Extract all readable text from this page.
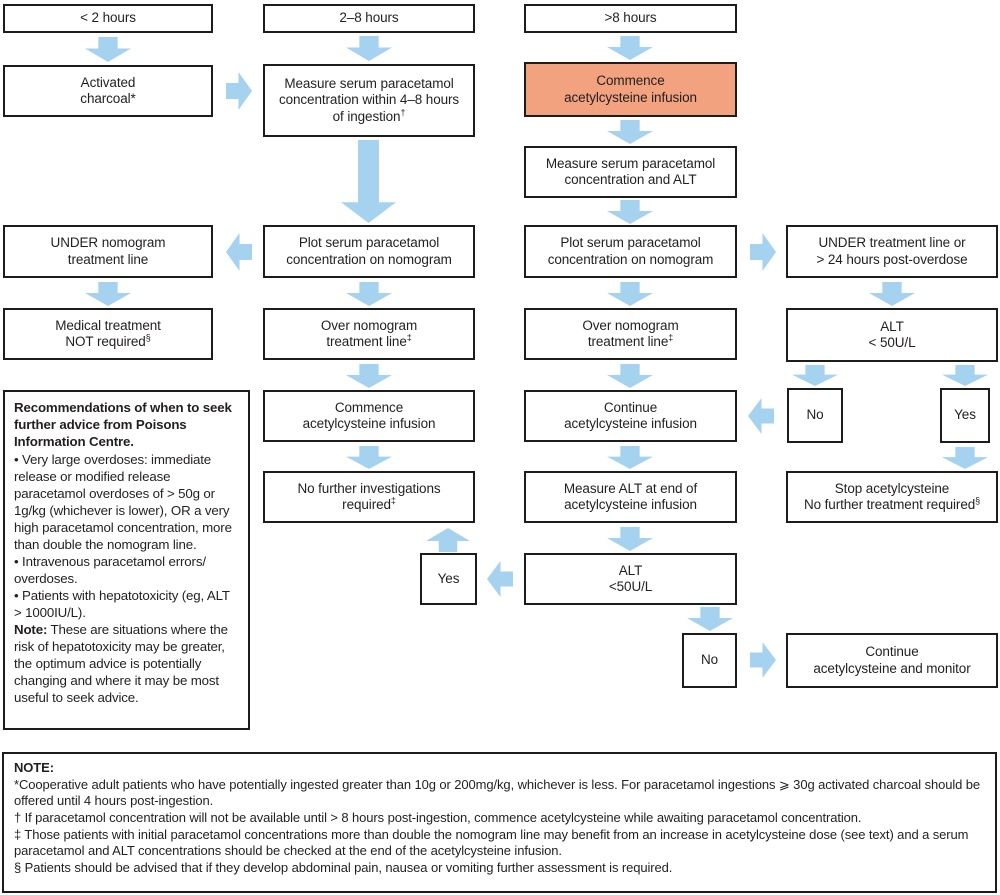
< 2 hours	2–8 hours	>8 hours
Activated
charcoal*
Measure serum paracetamol
concentration within 4–8 hours
of ingestion†
Commence
acetylcysteine infusion
Measure serum paracetamol
concentration and ALT
UNDER nomogram
treatment line
Plot serum paracetamol
concentration on nomogram
Plot serum paracetamol
concentration on nomogram
UNDER treatment line or
> 24 hours post-overdose
Medical treatment
NOT required§
Over nomogram
treatment line‡
Over nomogram
treatment line‡
ALT
< 50U/L
Commence
acetylcysteine infusion
Continue
acetylcysteine infusion
No	Yes
No further investigations
required‡
Measure ALT at end of
acetylcysteine infusion
Stop acetylcysteine
No further treatment required§
Yes
ALT
<50U/L
No
Continue
acetylcysteine and monitor

Recommendations of when to seek further advice from Poisons Information Centre.

• Very large overdoses: immediate release or modified release paracetamol overdoses of > 50g or 1g/kg (whichever is lower), OR a very high paracetamol concentration, more than double the nomogram line.

• Intravenous paracetamol errors/ overdoses.

• Patients with hepatotoxicity (eg, ALT > 1000IU/L).

Note: These are situations where the risk of hepatotoxicity may be greater, the optimum advice is potentially changing and where it may be most useful to seek advice.

NOTE:

*Cooperative adult patients who have potentially ingested greater than 10g or 200mg/kg, whichever is less. For paracetamol ingestions ⩾ 30g activated charcoal should be offered until 4 hours post-ingestion.

† If paracetamol concentration will not be available until > 8 hours post-ingestion, commence acetylcysteine while awaiting paracetamol concentration.

‡ Those patients with initial paracetamol concentrations more than double the nomogram line may benefit from an increase in acetylcysteine dose (see text) and a serum paracetamol and ALT concentrations should be checked at the end of the acetylcysteine infusion.

§ Patients should be advised that if they develop abdominal pain, nausea or vomiting further assessment is required.
